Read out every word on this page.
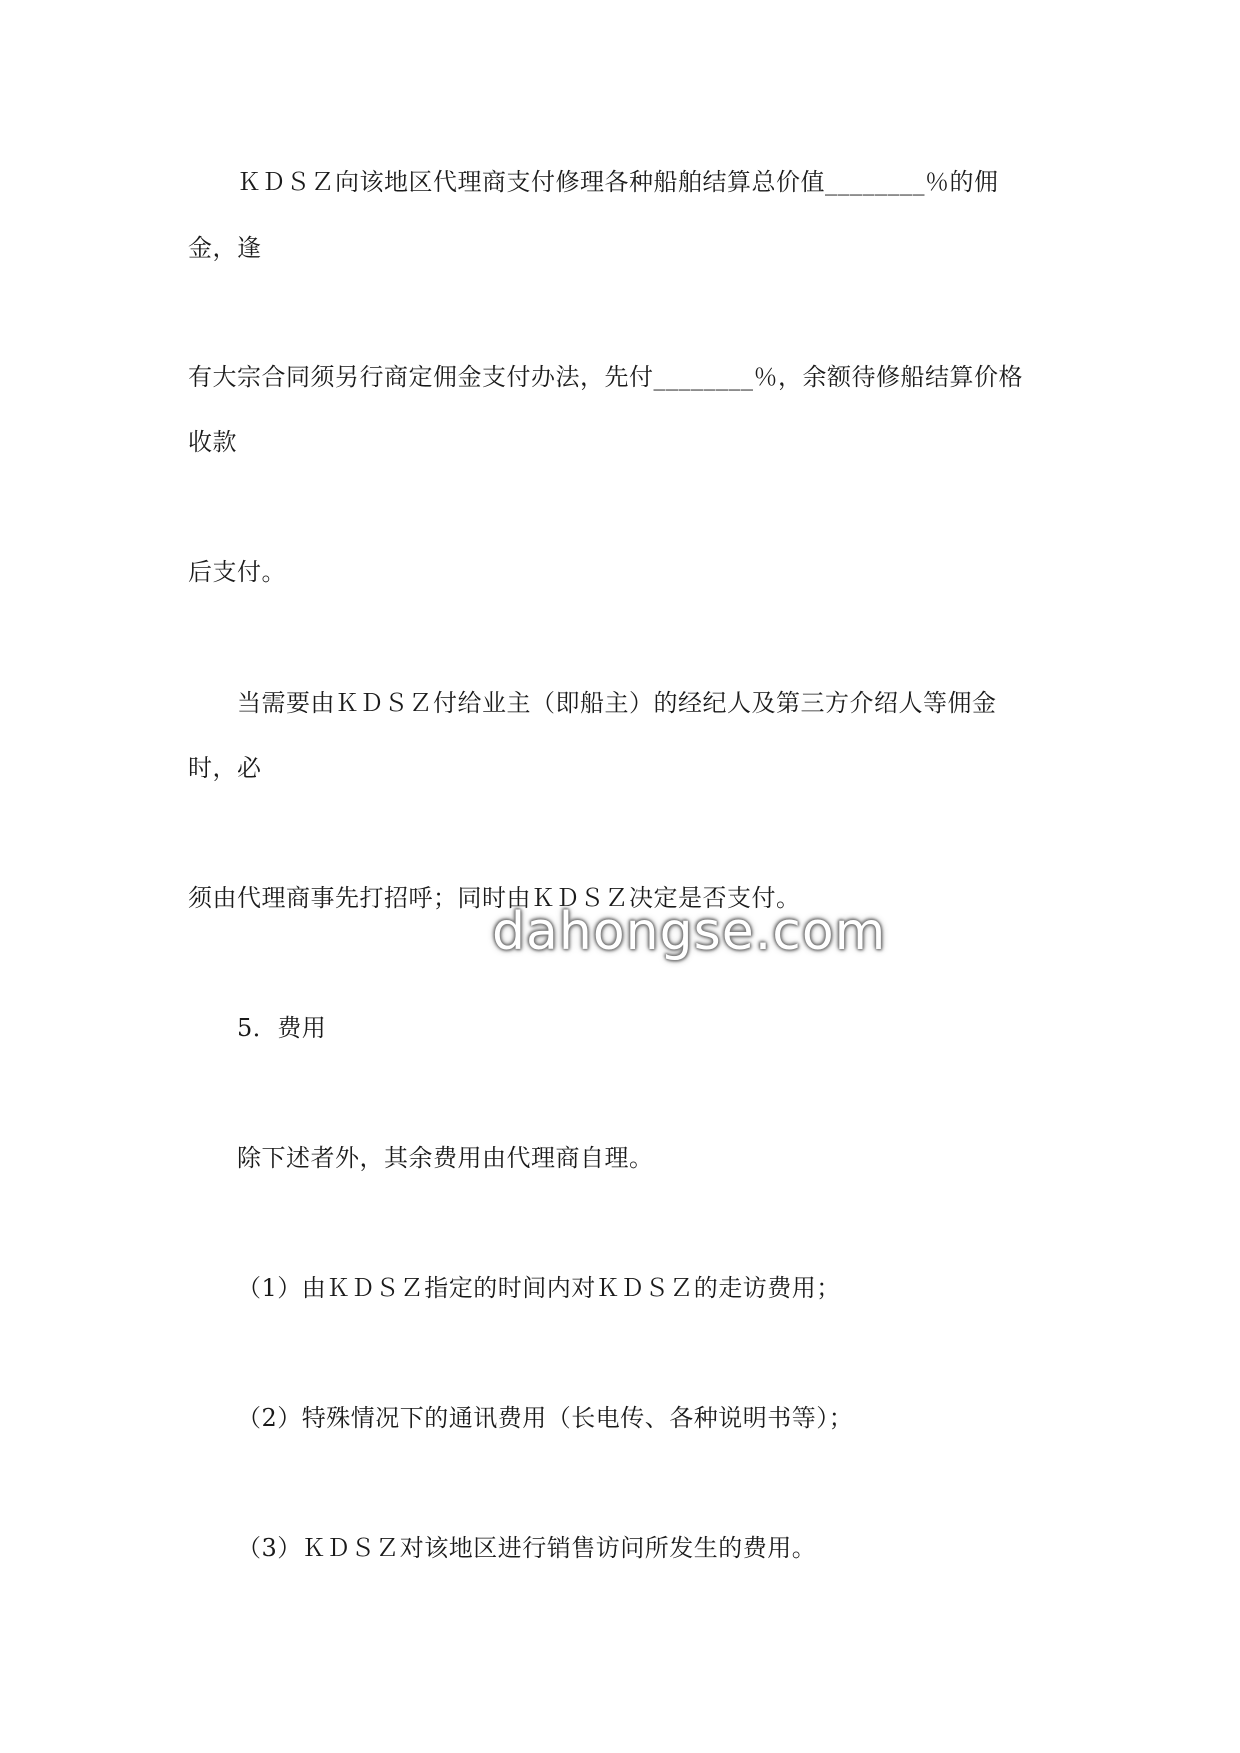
ＫＤＳＺ向该地区代理商支付修理各种船舶结算总价值________％的佣
金，逢
有大宗合同须另行商定佣金支付办法，先付________％，余额待修船结算价格
收款
后支付。
当需要由ＫＤＳＺ付给业主（即船主）的经纪人及第三方介绍人等佣金
时，必
须由代理商事先打招呼；同时由ＫＤＳＺ决定是否支付。
5．费用
除下述者外，其余费用由代理商自理。
（1）由ＫＤＳＺ指定的时间内对ＫＤＳＺ的走访费用；
（2）特殊情况下的通讯费用（长电传、各种说明书等）；
（3）ＫＤＳＺ对该地区进行销售访问所发生的费用。
dahongse.com
